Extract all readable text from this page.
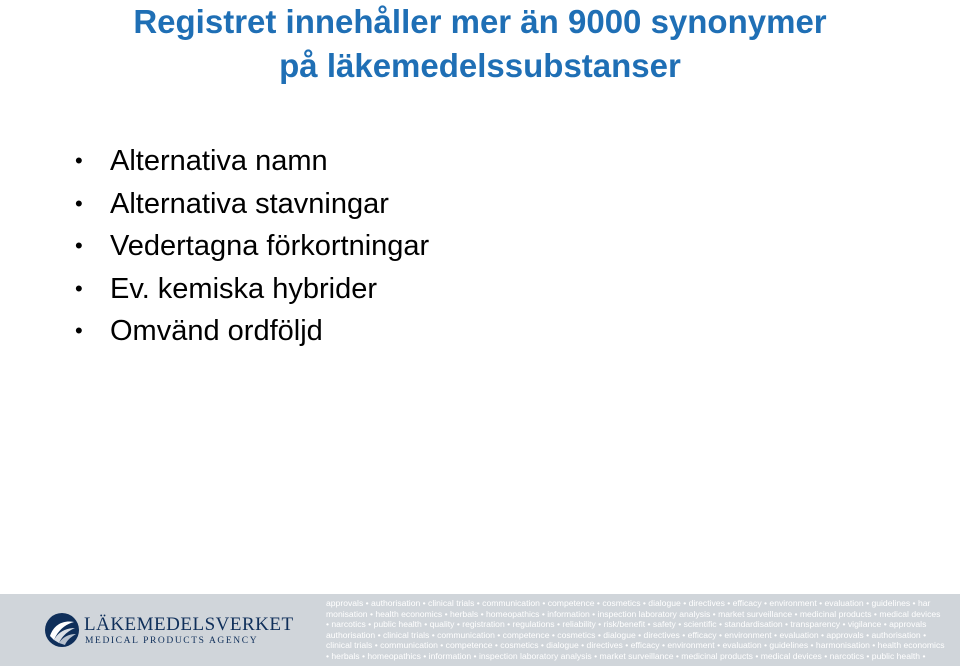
Registret innehåller mer än 9000 synonymer
på läkemedelssubstanser
• Alternativa namn
• Alternativa stavningar
• Vedertagna förkortningar
• Ev. kemiska hybrider
• Omvänd ordföljd
LÄKEMEDELSVERKET
MEDICAL PRODUCTS AGENCY
approvals • authorisation • clinical trials • communication • competence • cosmetics • dialogue • directives • efficacy • environment • evaluation • guidelines • har
monisation • health economics • herbals • homeopathics • information • inspection laboratory analysis • market surveillance • medicinal products • medical devices
• narcotics • public health • quality • registration • regulations • reliability • risk/benefit • safety • scientific • standardisation • transparency • vigilance • approvals
authorisation • clinical trials • communication • competence • cosmetics • dialogue • directives • efficacy • environment • evaluation • approvals • authorisation •
clinical trials • communication • competence • cosmetics • dialogue • directives • efficacy • environment • evaluation • guidelines • harmonisation • health economics
• herbals • homeopathics • information • inspection laboratory analysis • market surveillance • medicinal products • medical devices • narcotics • public health •
